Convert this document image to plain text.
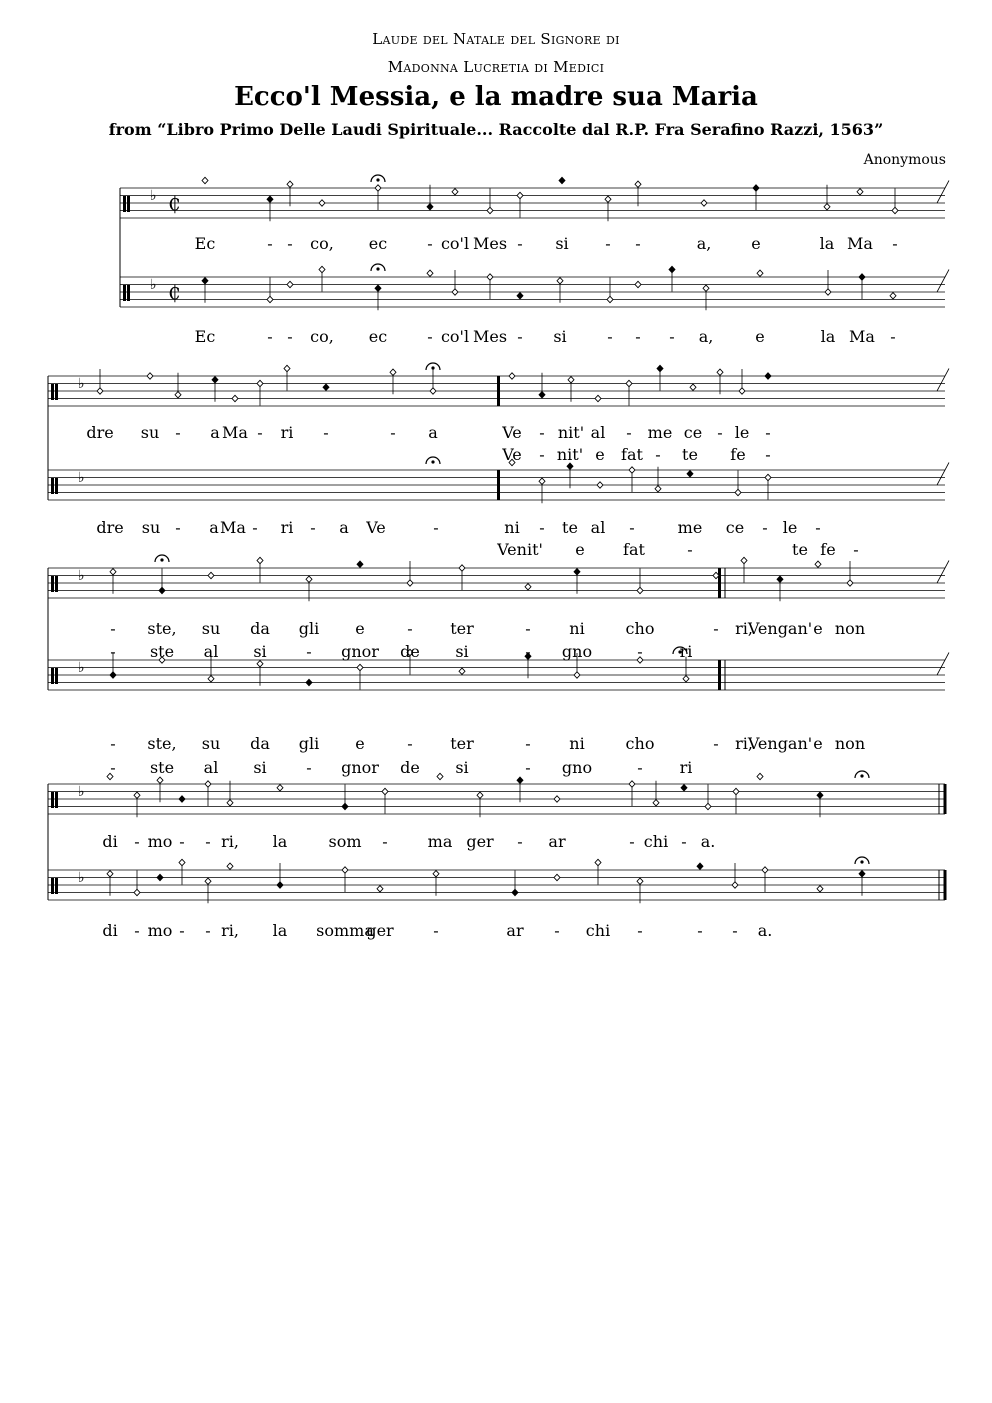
Laude del Natale del Signore di
Madonna Lucretia di Medici
Ecco'l Messia, e la madre sua Maria
from “Libro Primo Delle Laudi Spirituale... Raccolte dal R.P. Fra Serafino Razzi, 1563”
Anonymous
♭ ₵
♭ ₵
♭
♭
♭
♭
♭
♭
Ec	- - co, ec	- co'l Mes - si - -	a, e	la Ma -
Ec	- - co, ec	- co'l Mes - si	- - - a,	e	la Ma -
dre su - a Ma - ri -	- a	Ve - nit' al - me ce - le -
Ve - nit' e fat - te fe -
dre su - a Ma - ri - a Ve	-	ni - te al -	me ce - le -
Venit' e fat	-	te fe -
- ste, su da gli e	- ter	- ni	cho	- ri,
Vengan' e non
- ste al si - gnor de si	- gno	- ri
- ste, su da gli e	- ter	- ni	cho	- ri,
Vengan' e non
- ste al si - gnor de si	- gno	- ri
di - mo - - ri, la	som - ma ger - ar	- chi - a.
di - mo - - ri, la somma
ger -	ar - chi -	- - a.
